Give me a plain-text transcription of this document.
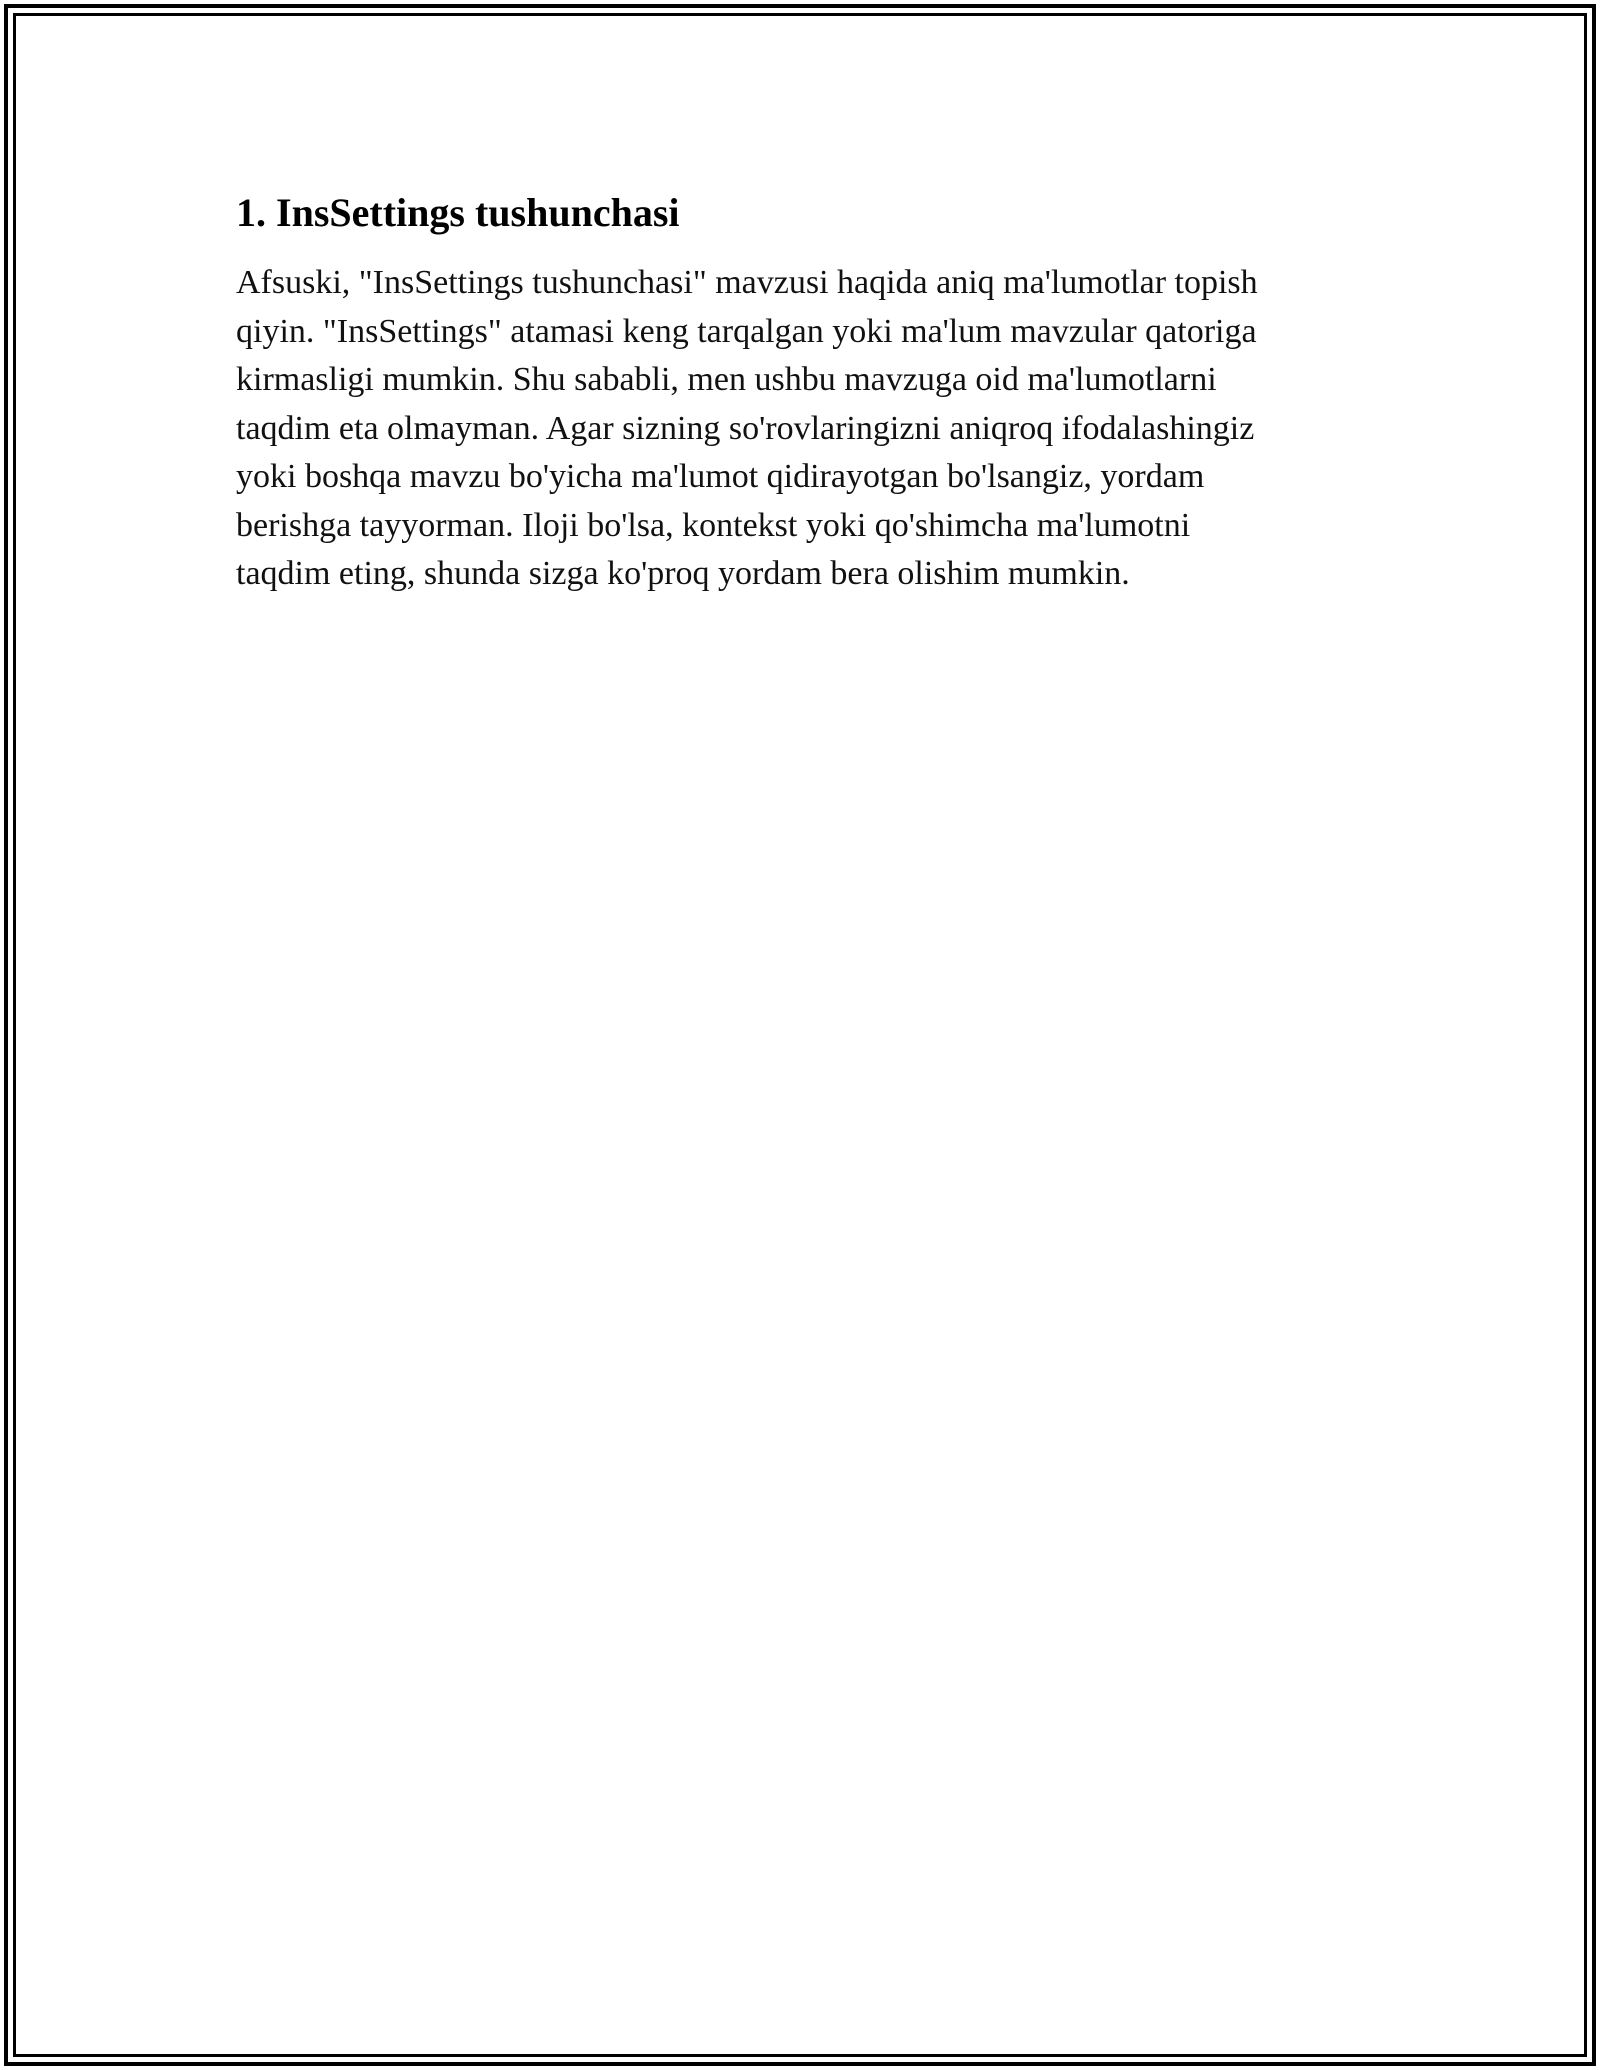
1. InsSettings tushunchasi

Afsuski, "InsSettings tushunchasi" mavzusi haqida aniq ma'lumotlar topish
qiyin. "InsSettings" atamasi keng tarqalgan yoki ma'lum mavzular qatoriga
kirmasligi mumkin. Shu sababli, men ushbu mavzuga oid ma'lumotlarni
taqdim eta olmayman. Agar sizning so'rovlaringizni aniqroq ifodalashingiz
yoki boshqa mavzu bo'yicha ma'lumot qidirayotgan bo'lsangiz, yordam
berishga tayyorman. Iloji bo'lsa, kontekst yoki qo'shimcha ma'lumotni
taqdim eting, shunda sizga ko'proq yordam bera olishim mumkin.
